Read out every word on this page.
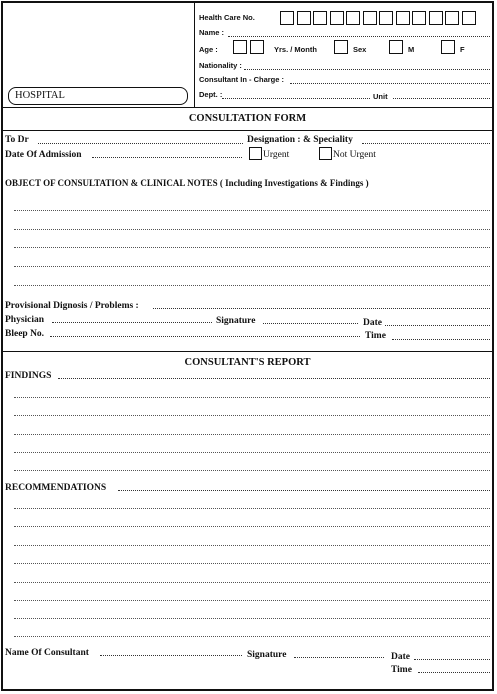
HOSPITAL
Health Care No.
Name :
Age :	Yrs. / Month	Sex	M	F
Nationality :
Consultant In - Charge :
Dept. :	Unit
CONSULTATION FORM
To Dr	Designation : & Speciality
Date Of Admission	Urgent	Not Urgent
OBJECT OF CONSULTATION & CLINICAL NOTES ( Including Investigations & Findings )
Provisional Dignosis / Problems :
Physician	Signature	Date
Bleep No.	Time
CONSULTANT'S REPORT
FINDINGS
RECOMMENDATIONS
Name Of Consultant	Signature	Date
Time
